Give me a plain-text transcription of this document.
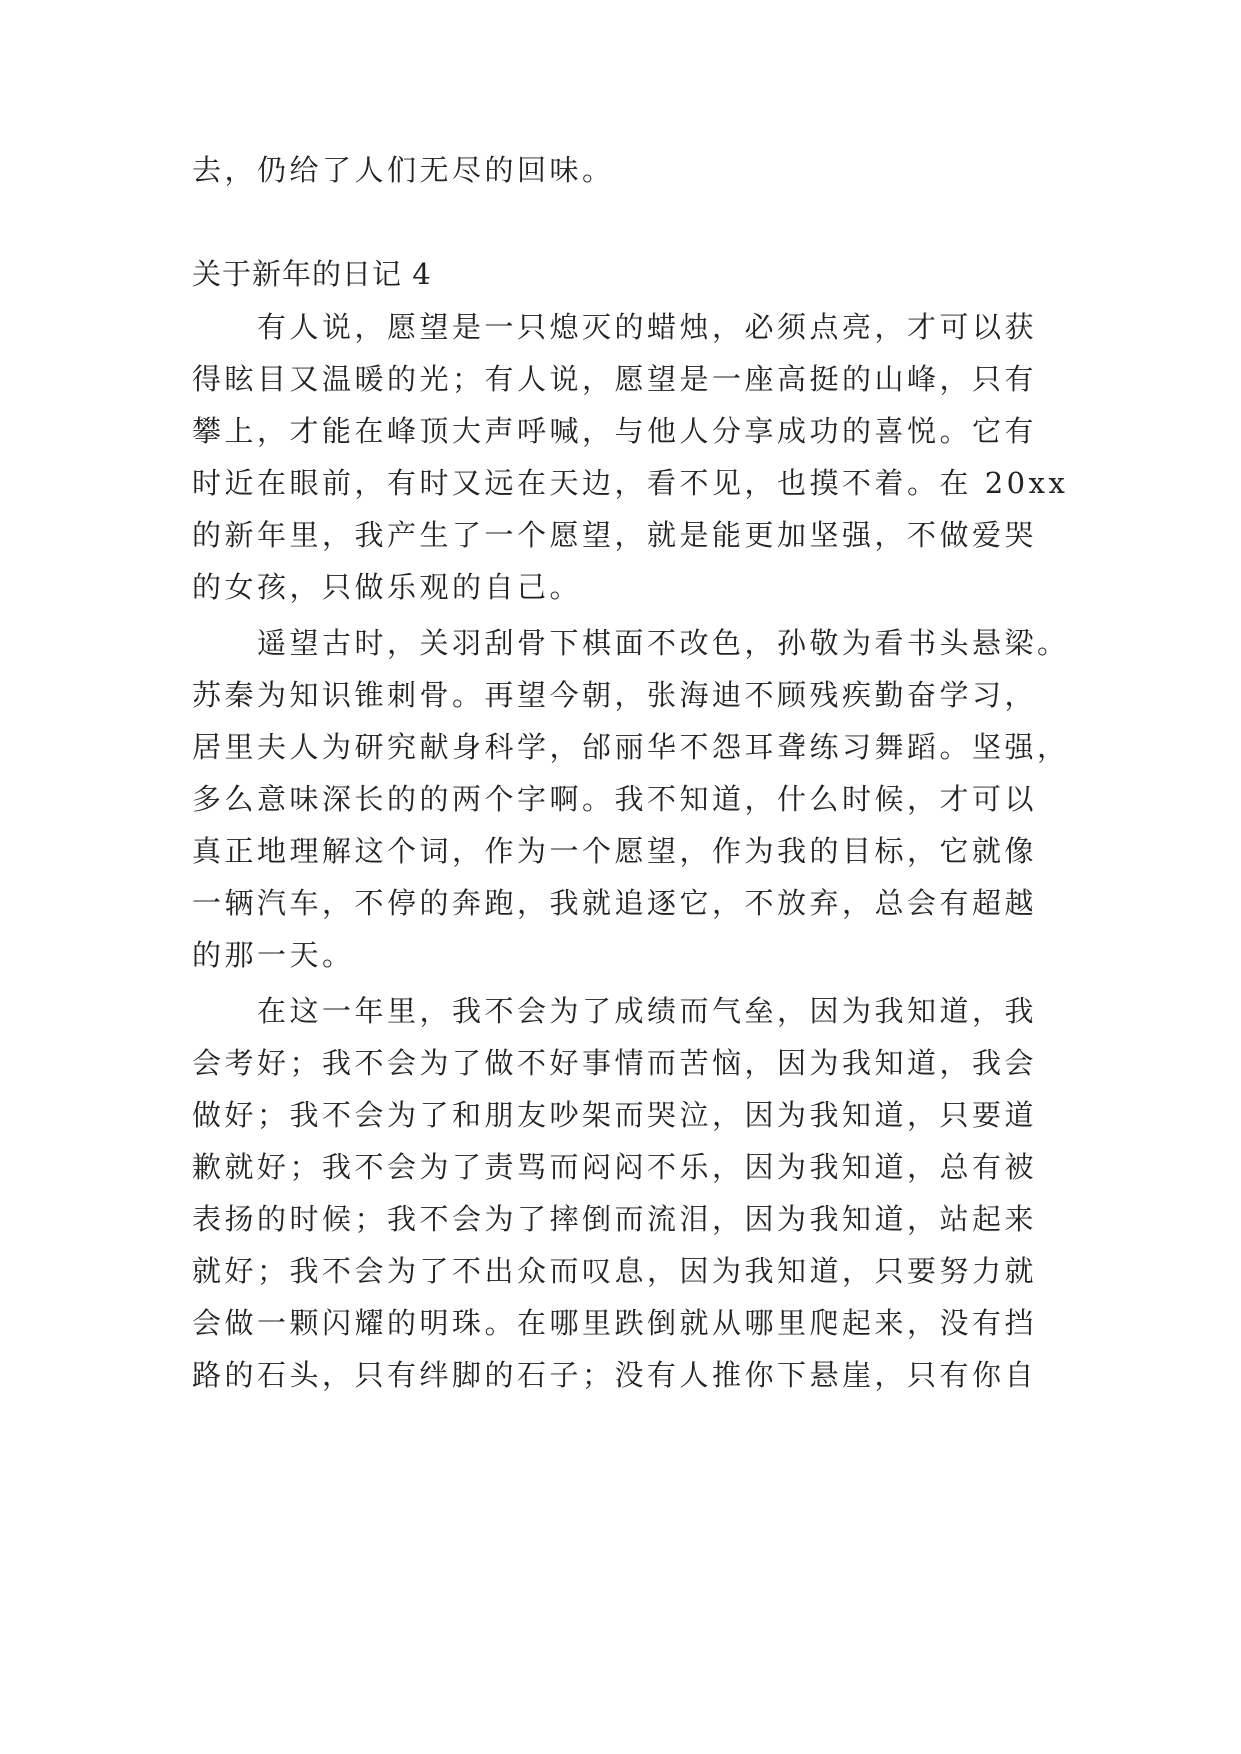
去，仍给了人们无尽的回味。
关于新年的日记 4
　　有人说，愿望是一只熄灭的蜡烛，必须点亮，才可以获
得眩目又温暖的光；有人说，愿望是一座高挺的山峰，只有
攀上，才能在峰顶大声呼喊，与他人分享成功的喜悦。它有
时近在眼前，有时又远在天边，看不见，也摸不着。在 20xx
的新年里，我产生了一个愿望，就是能更加坚强，不做爱哭
的女孩，只做乐观的自己。
　　遥望古时，关羽刮骨下棋面不改色，孙敬为看书头悬梁。
苏秦为知识锥刺骨。再望今朝，张海迪不顾残疾勤奋学习，
居里夫人为研究献身科学，邰丽华不怨耳聋练习舞蹈。坚强，
多么意味深长的的两个字啊。我不知道，什么时候，才可以
真正地理解这个词，作为一个愿望，作为我的目标，它就像
一辆汽车，不停的奔跑，我就追逐它，不放弃，总会有超越
的那一天。
　　在这一年里，我不会为了成绩而气垒，因为我知道，我
会考好；我不会为了做不好事情而苦恼，因为我知道，我会
做好；我不会为了和朋友吵架而哭泣，因为我知道，只要道
歉就好；我不会为了责骂而闷闷不乐，因为我知道，总有被
表扬的时候；我不会为了摔倒而流泪，因为我知道，站起来
就好；我不会为了不出众而叹息，因为我知道，只要努力就
会做一颗闪耀的明珠。在哪里跌倒就从哪里爬起来，没有挡
路的石头，只有绊脚的石子；没有人推你下悬崖，只有你自
